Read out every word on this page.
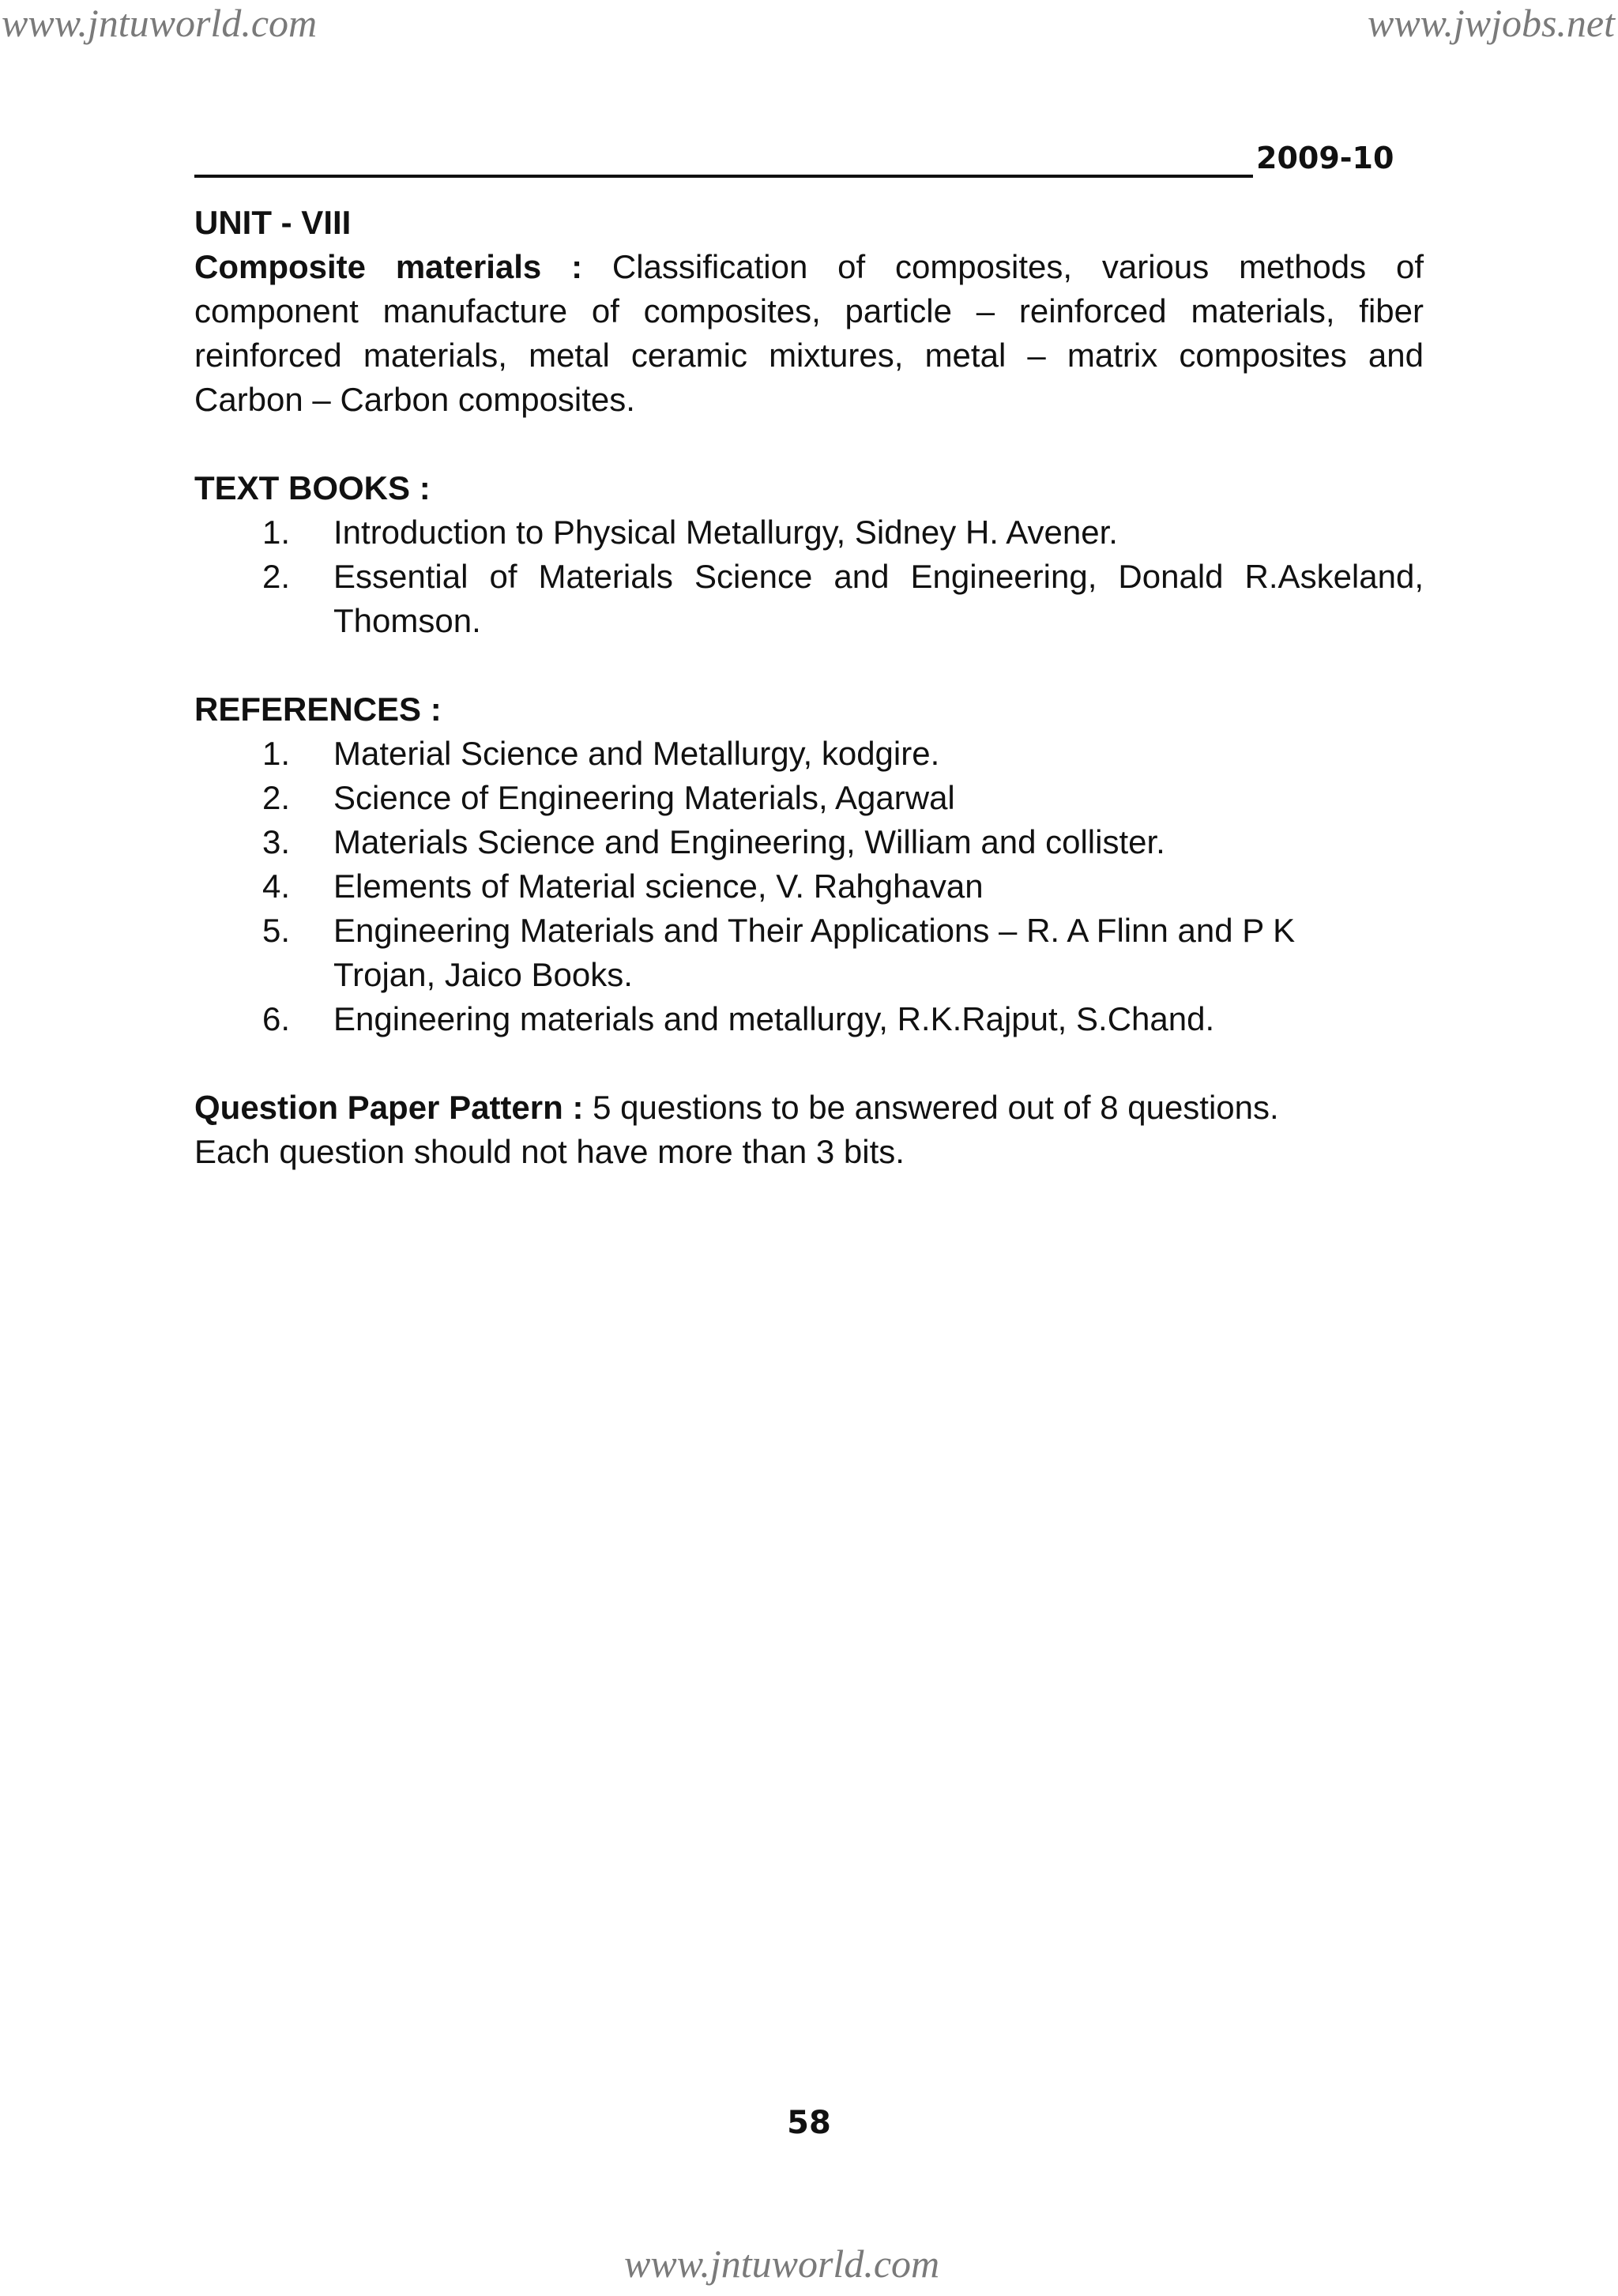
www.jntuworld.com	www.jwjobs.net
2009-10

UNIT - VIII

Composite materials : Classification of composites, various methods of component manufacture of composites, particle – reinforced materials, fiber reinforced materials, metal ceramic mixtures, metal – matrix composites and Carbon – Carbon composites.

TEXT BOOKS :

1. Introduction to Physical Metallurgy, Sidney H. Avener.
2. Essential of Materials Science and Engineering, Donald R.Askeland, Thomson.

REFERENCES :

1. Material Science and Metallurgy, kodgire.
2. Science of Engineering Materials, Agarwal
3. Materials Science and Engineering, William and collister.
4. Elements of Material science, V. Rahghavan
5. Engineering Materials and Their Applications – R. A Flinn and P K Trojan, Jaico Books.
6. Engineering materials and metallurgy, R.K.Rajput, S.Chand.

Question Paper Pattern : 5 questions to be answered out of 8 questions. Each question should not have more than 3 bits.

58
www.jntuworld.com
